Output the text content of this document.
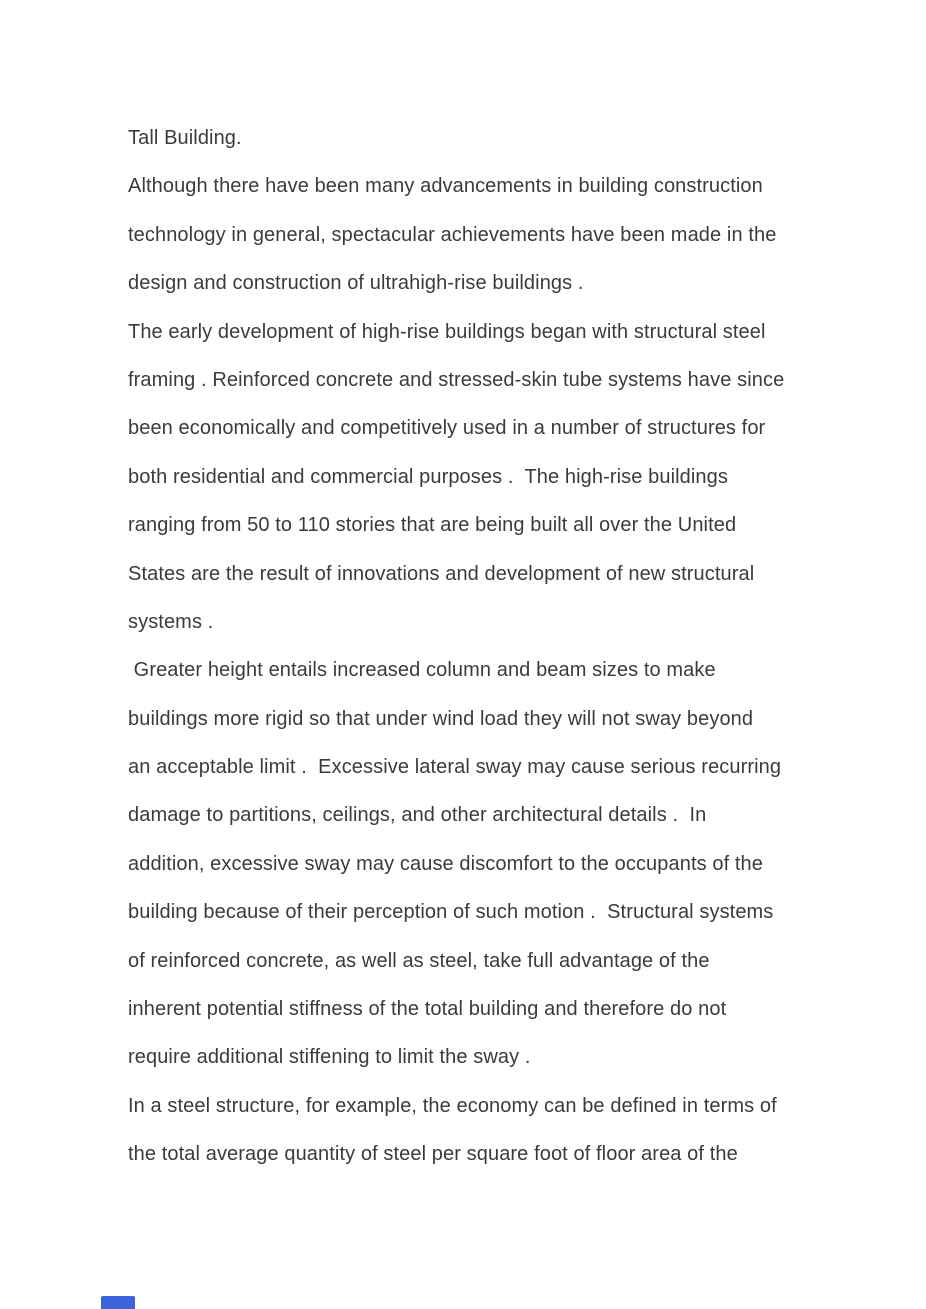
Tall Building.
Although there have been many advancements in building construction
technology in general, spectacular achievements have been made in the
design and construction of ultrahigh-rise buildings .
The early development of high-rise buildings began with structural steel
framing . Reinforced concrete and stressed-skin tube systems have since
been economically and competitively used in a number of structures for
both residential and commercial purposes .  The high-rise buildings
ranging from 50 to 110 stories that are being built all over the United
States are the result of innovations and development of new structural
systems .
Greater height entails increased column and beam sizes to make
buildings more rigid so that under wind load they will not sway beyond
an acceptable limit .  Excessive lateral sway may cause serious recurring
damage to partitions, ceilings, and other architectural details .  In
addition, excessive sway may cause discomfort to the occupants of the
building because of their perception of such motion .  Structural systems
of reinforced concrete, as well as steel, take full advantage of the
inherent potential stiffness of the total building and therefore do not
require additional stiffening to limit the sway .
In a steel structure, for example, the economy can be defined in terms of
the total average quantity of steel per square foot of floor area of the
